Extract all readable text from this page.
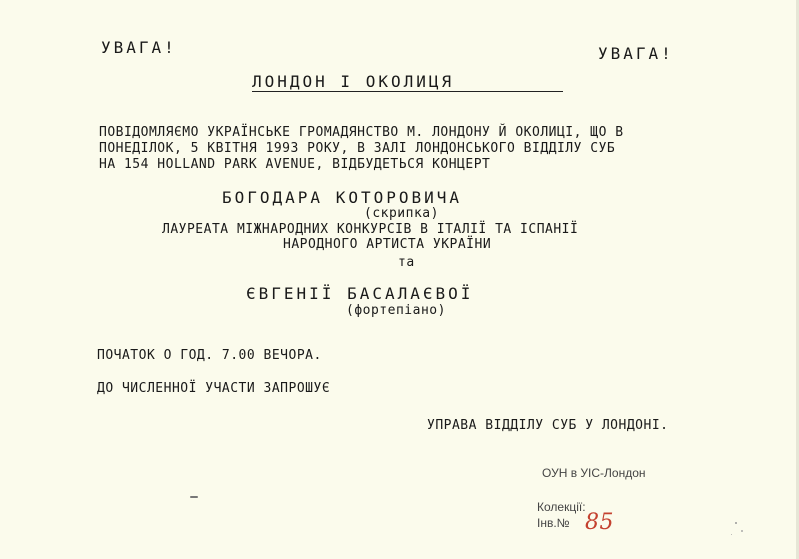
УВАГА!	УВАГА!
ЛОНДОН І ОКОЛИЦЯ
ПОВІДОМЛЯЄМО УКРАЇНСЬКЕ ГРОМАДЯНСТВО М. ЛОНДОНУ Й ОКОЛИЦІ, ЩО В
ПОНЕДІЛОК, 5 КВІТНЯ 1993 РОКУ, В ЗАЛІ ЛОНДОНСЬКОГО ВІДДІЛУ СУБ
НА 154 HOLLAND PARK AVENUE, ВІДБУДЕТЬСЯ КОНЦЕРТ
БОГОДАРА КОТОРОВИЧА
(скрипка)
ЛАУРЕАТА МІЖНАРОДНИХ КОНКУРСІВ В ІТАЛІЇ ТА ІСПАНІЇ
НАРОДНОГО АРТИСТА УКРАЇНИ
та
ЄВГЕНІЇ БАСАЛАЄВОЇ
(фортепіано)
ПОЧАТОК О ГОД. 7.00 ВЕЧОРА.
ДО ЧИСЛЕННОЇ УЧАСТИ ЗАПРОШУЄ
УПРАВА ВІДДІЛУ СУБ У ЛОНДОНІ.
ОУН в УІС-Лондон
Колекції:
Інв.№ 85
